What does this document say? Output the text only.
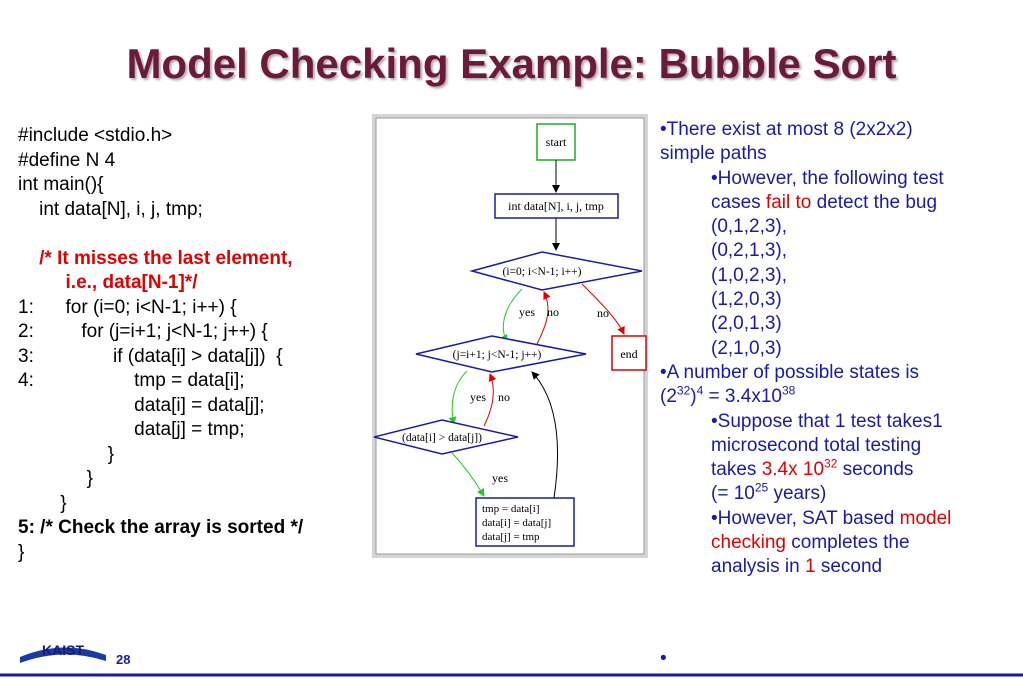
Model Checking Example: Bubble Sort
#include <stdio.h>
#define N 4
int main(){
int data[N], i, j, tmp;
/* It misses the last element,
i.e., data[N-1]*/
1:      for (i=0; i<N-1; i++) {
2:         for (j=i+1; j<N-1; j++) {
3:               if (data[i] > data[j])  {
4:                   tmp = data[i];
data[i] = data[j];
data[j] = tmp;
}
}
}
5: /* Check the array is sorted */
}
start
int data[N], i, j, tmp
(i=0; i<N-1; i++)
yes no	no
end
(j=i+1; j<N-1; j++)
yes no
(data[i] > data[j])
yes
tmp = data[i]
data[i] = data[j]
data[j] = tmp
•There exist at most 8 (2x2x2)
simple paths
•However, the following test
cases fail to detect the bug
(0,1,2,3),
(0,2,1,3),
(1,0,2,3),
(1,2,0,3)
(2,0,1,3)
(2,1,0,3)
•A number of possible states is
$(2^{32})^4 = 3.4x10^{38}$
•Suppose that 1 test takes1
microsecond total testing
takes 3.4x $10^{32}$ seconds
(= $10^{25}$ years)
•However, SAT based model
checking completes the
analysis in 1 second
KAIST
28	•
